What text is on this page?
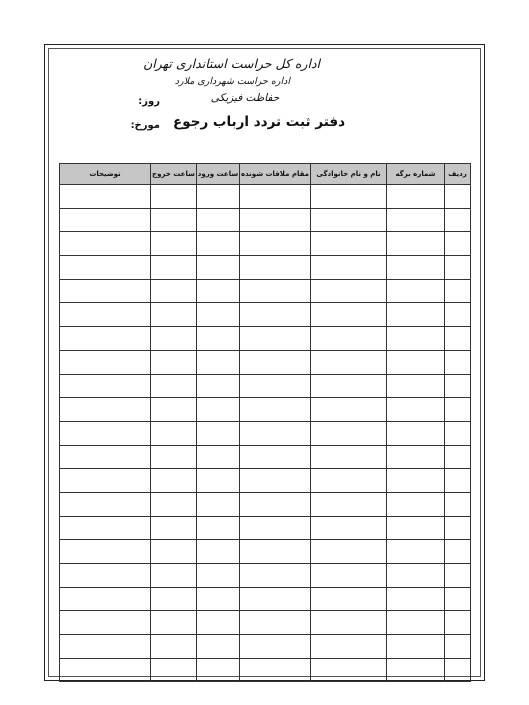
اداره کل حراست استانداری تهران
اداره حراست شهرداری ملارد
حفاظت فیزیکی
روز:
مورخ: دفتر ثبت تردد ارباب رجوع
ردیف	شماره برگه	نام و نام خانوادگی	مقام ملاقات شونده	ساعت ورود	ساعت خروج	توضیحات
